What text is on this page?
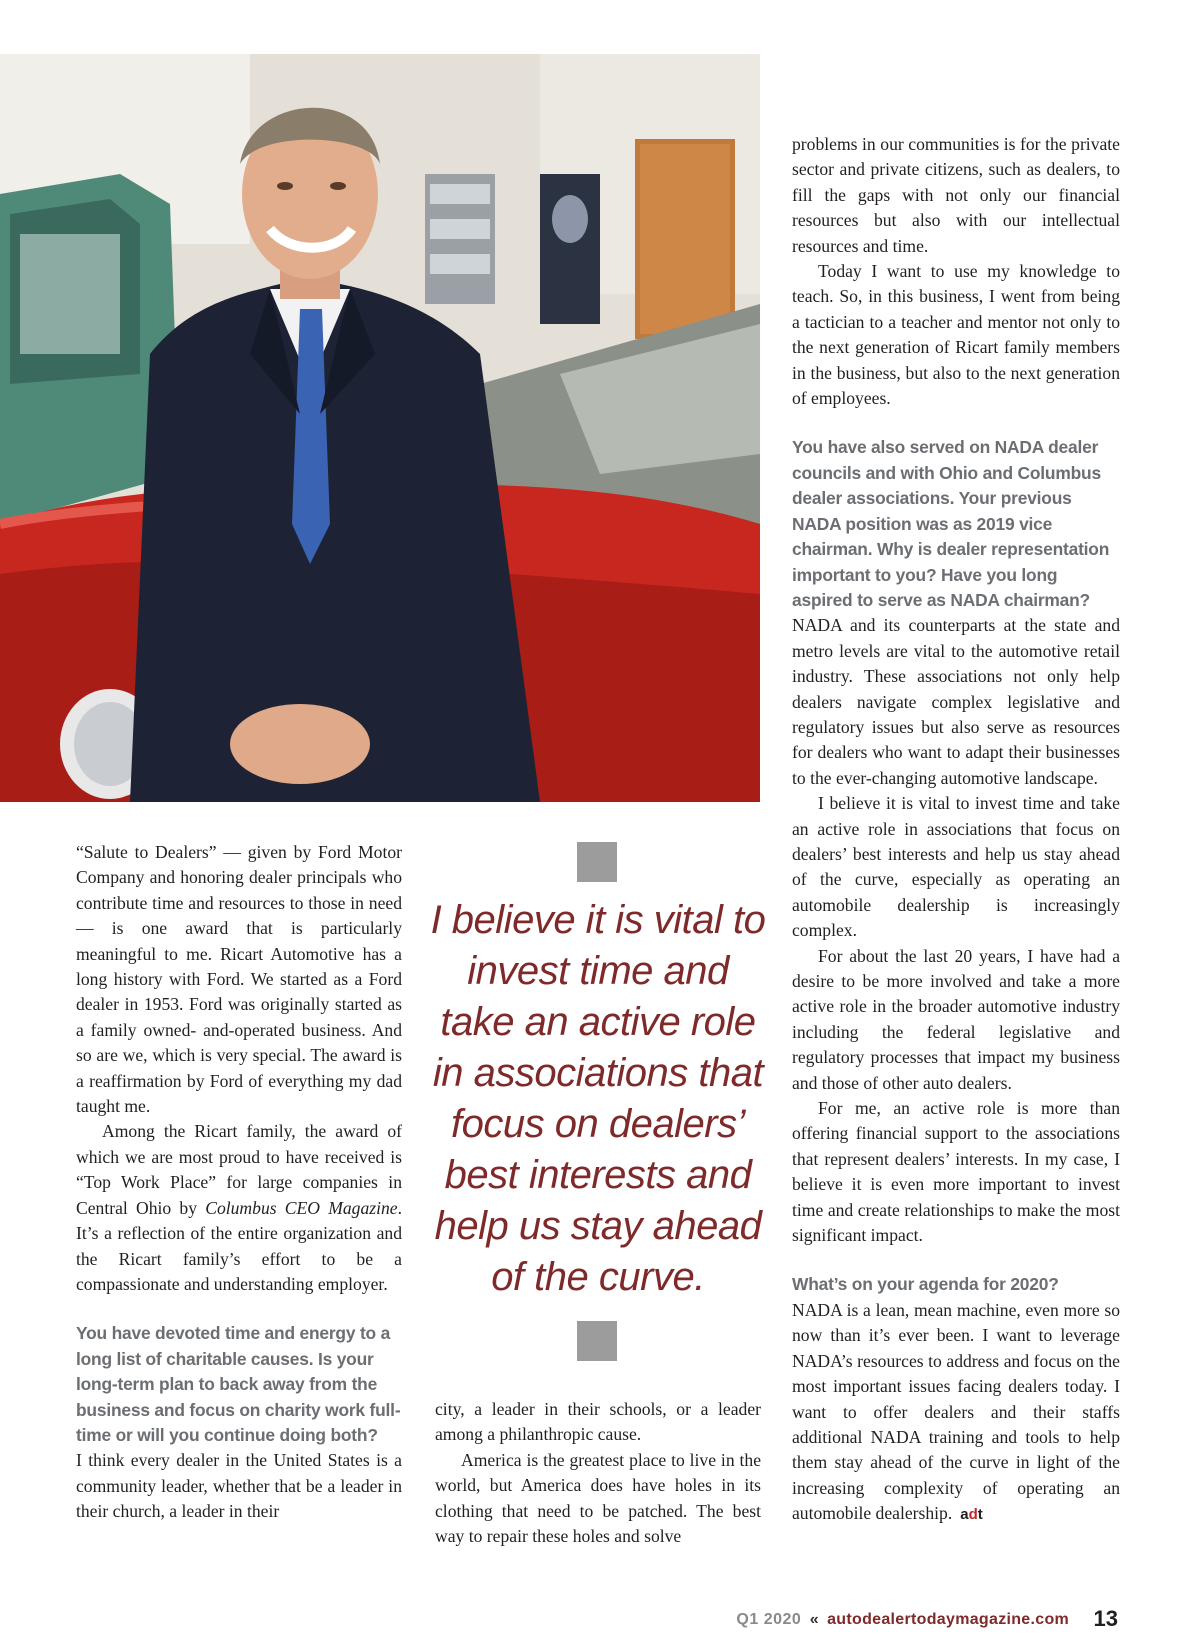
“Salute to Dealers” — given by Ford Motor Company and honoring dealer principals who contribute time and resources to those in need — is one award that is particularly meaningful to me. Ricart Automotive has a long history with Ford. We started as a Ford dealer in 1953. Ford was originally started as a family owned- and-operated business. And so are we, which is very special. The award is a reaffirmation by Ford of everything my dad taught me.

Among the Ricart family, the award of which we are most proud to have received is “Top Work Place” for large companies in Central Ohio by Columbus CEO Magazine. It’s a reflection of the entire organization and the Ricart family’s effort to be a compassionate and understanding employer.

You have devoted time and energy to a long list of charitable causes. Is your long-term plan to back away from the business and focus on charity work full-time or will you continue doing both?

I think every dealer in the United States is a community leader, whether that be a leader in their church, a leader in their

I believe it is vital to invest time and take an active role in associations that focus on dealers’ best interests and help us stay ahead of the curve.

city, a leader in their schools, or a leader among a philanthropic cause.

America is the greatest place to live in the world, but America does have holes in its clothing that need to be patched. The best way to repair these holes and solve

problems in our communities is for the private sector and private citizens, such as dealers, to fill the gaps with not only our financial resources but also with our intellectual resources and time.

Today I want to use my knowledge to teach. So, in this business, I went from being a tactician to a teacher and mentor not only to the next generation of Ricart family members in the business, but also to the next generation of employees.

You have also served on NADA dealer councils and with Ohio and Columbus dealer associations. Your previous NADA position was as 2019 vice chairman. Why is dealer representation important to you? Have you long aspired to serve as NADA chairman?

NADA and its counterparts at the state and metro levels are vital to the automotive retail industry. These associations not only help dealers navigate complex legislative and regulatory issues but also serve as resources for dealers who want to adapt their businesses to the ever-changing automotive landscape.

I believe it is vital to invest time and take an active role in associations that focus on dealers’ best interests and help us stay ahead of the curve, especially as operating an automobile dealership is increasingly complex.

For about the last 20 years, I have had a desire to be more involved and take a more active role in the broader automotive industry including the federal legislative and regulatory processes that impact my business and those of other auto dealers.

For me, an active role is more than offering financial support to the associations that represent dealers’ interests. In my case, I believe it is even more important to invest time and create relationships to make the most significant impact.

What’s on your agenda for 2020?

NADA is a lean, mean machine, even more so now than it’s ever been. I want to leverage NADA’s resources to address and focus on the most important issues facing dealers today. I want to offer dealers and their staffs additional NADA training and tools to help them stay ahead of the curve in light of the increasing complexity of operating an automobile dealership. adt

Q1 2020 « autodealertodaymagazine.com 13
